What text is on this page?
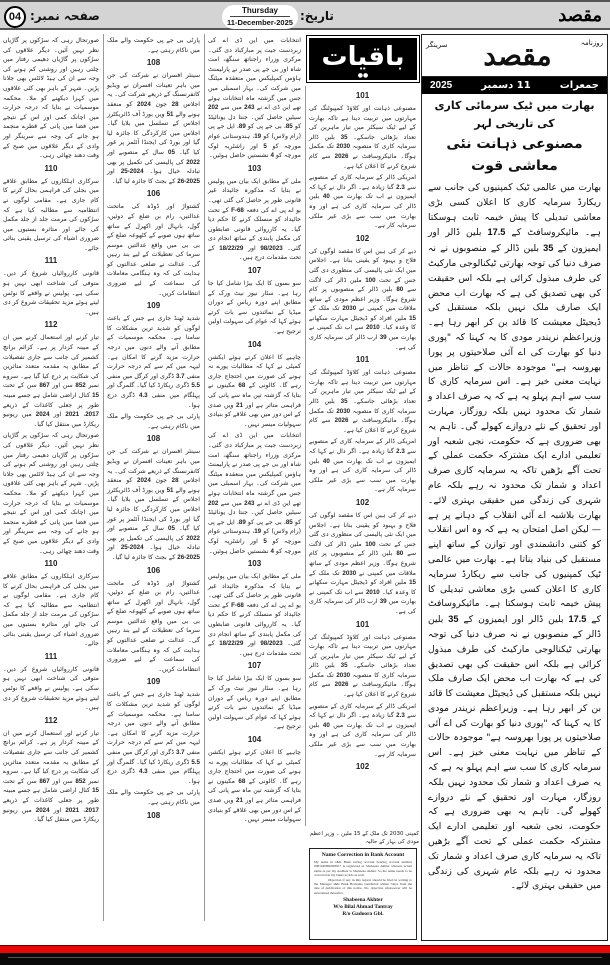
مقصد
تاریخ:
Thursday
11-December-2025
صفحہ نمبر:
04

صورتحال رہی کہ سڑکوں پر گاڑیاں نظر نہیں آئیں۔ دیگر علاقوں کی سڑکوں پر گاڑیاں دھیمی رفتار میں چلتی رہیں اور روشنی کم ہونے کی وجہ سے ان کی ہیڈ لائٹس بھی جلانا پڑیں۔ شہر کے باہر بھی کئی علاقوں میں کہرا دیکھنے کو ملا۔ محکمہ موسمیات نے بتایا کہ درجہ حرارت میں اچانک کمی اور اس کے نتیجے میں فضا میں پانی کے قطرے منجمد ہو جانے کی وجہ سے سرینگر اور وادی کے دیگر علاقوں میں صبح کے وقت دھند چھائی رہی۔

110

سرکاری اہلکاروں کے مطابق علاقے میں بجلی کی فراہمی بحال کرنے کا کام جاری ہے۔ مقامی لوگوں نے انتظامیہ سے مطالبہ کیا ہے کہ سڑکوں کی مرمت جلد از جلد مکمل کی جائے اور متاثرہ بستیوں میں ضروری اشیاء کی ترسیل یقینی بنائی جائے۔

111

قانونی کارروائیاں شروع کر دیں۔ متوفی کی شناخت ابھی نہیں ہو سکی ہے۔ پولیس نے واقعے کا نوٹس لیتے ہوئے مزید تحقیقات شروع کر دی ہیں۔

112

تیار کرنے اور استعمال کرنے میں ان کے مبینہ کردار پر ہے۔ کرائم برانچ کشمیر کی جانب سے جاری تفصیلات کے مطابق یہ مقدمہ متعدد متاثرین کی شکایت پر درج کیا گیا ہے۔ سروے نمبر 852 سن اور 867 سن کے تحت 15 کنال اراضی شامل ہے جسے مبینہ طور پر جعلی کاغذات کے ذریعے 2017، 2021 اور 2024 میں ریونیو ریکارڈ میں منتقل کیا گیا۔

صورتحال رہی کہ سڑکوں پر گاڑیاں نظر نہیں آئیں۔ دیگر علاقوں کی سڑکوں پر گاڑیاں دھیمی رفتار میں چلتی رہیں اور روشنی کم ہونے کی وجہ سے ان کی ہیڈ لائٹس بھی جلانا پڑیں۔ شہر کے باہر بھی کئی علاقوں میں کہرا دیکھنے کو ملا۔ محکمہ موسمیات نے بتایا کہ درجہ حرارت میں اچانک کمی اور اس کے نتیجے میں فضا میں پانی کے قطرے منجمد ہو جانے کی وجہ سے سرینگر اور وادی کے دیگر علاقوں میں صبح کے وقت دھند چھائی رہی۔

110

سرکاری اہلکاروں کے مطابق علاقے میں بجلی کی فراہمی بحال کرنے کا کام جاری ہے۔ مقامی لوگوں نے انتظامیہ سے مطالبہ کیا ہے کہ سڑکوں کی مرمت جلد از جلد مکمل کی جائے اور متاثرہ بستیوں میں ضروری اشیاء کی ترسیل یقینی بنائی جائے۔

111

قانونی کارروائیاں شروع کر دیں۔ متوفی کی شناخت ابھی نہیں ہو سکی ہے۔ پولیس نے واقعے کا نوٹس لیتے ہوئے مزید تحقیقات شروع کر دی ہیں۔

112

تیار کرنے اور استعمال کرنے میں ان کے مبینہ کردار پر ہے۔ کرائم برانچ کشمیر کی جانب سے جاری تفصیلات کے مطابق یہ مقدمہ متعدد متاثرین کی شکایت پر درج کیا گیا ہے۔ سروے نمبر 852 سن اور 867 سن کے تحت 15 کنال اراضی شامل ہے جسے مبینہ طور پر جعلی کاغذات کے ذریعے 2017، 2021 اور 2024 میں ریونیو ریکارڈ میں منتقل کیا گیا۔

پارٹی بی جے پی حکومت والے ملک میں ناکام رہتی ہے۔

108

سینئر افسران نے شرکت کی جن میں باہر تعینات افسران نے ویڈیو کانفرنسنگ کے ذریعے شرکت کی۔ یہ اجلاس 28 جون 2024 کو منعقد ہونے والے 51 ویں بورڈ آف ڈائریکٹرز اجلاس کے تسلسل میں بلایا گیا۔ اجلاس میں کارکردگی کا جائزہ لیا گیا اور بورڈ کی ایجنڈا آئٹمز پر غور کیا گیا۔ 05 سال کے منصوبے اور 2022 کی پالیسی کی تکمیل پر بھی تبادلہ خیال ہوا۔ 2024-25 اور 2025-26 کے بجٹ کا جائزہ لیا گیا۔

106

کشتواڑ اور ڈوڈہ کی ماتحت عدالتیں، رام بن ضلع کے دوئیں، گول، بانہال اور اکھرل کے ساتھ ساتھ ہوں صوبے کے کٹھوعہ ضلع کے بی بی میں واقع عدالتیں موسم سرما کی تعطیلات کے لیے بند رہیں گی۔ عدالت نے ضلعی عدالتوں کو ہدایت کی کہ وہ ہنگامی معاملات کی سماعت کے لیے ضروری انتظامات کریں۔

109

شدید ٹھنڈ جاری ہے جس کے باعث لوگوں کو شدید ترین مشکلات کا سامنا ہے۔ محکمہ موسمیات کے مطابق آنے والے دنوں میں درجہ حرارت مزید گرنے کا امکان ہے۔ لیہہ میں کم سے کم درجہ حرارت منفی 3.7 ڈگری اور کرگل میں منفی 5.5 ڈگری ریکارڈ کیا گیا۔ گلمرگ اور پہلگام میں منفی 4.3 ڈگری درج ہوا۔

پارٹی بی جے پی حکومت والے ملک میں ناکام رہتی ہے۔

108

سینئر افسران نے شرکت کی جن میں باہر تعینات افسران نے ویڈیو کانفرنسنگ کے ذریعے شرکت کی۔ یہ اجلاس 28 جون 2024 کو منعقد ہونے والے 51 ویں بورڈ آف ڈائریکٹرز اجلاس کے تسلسل میں بلایا گیا۔ اجلاس میں کارکردگی کا جائزہ لیا گیا اور بورڈ کی ایجنڈا آئٹمز پر غور کیا گیا۔ 05 سال کے منصوبے اور 2022 کی پالیسی کی تکمیل پر بھی تبادلہ خیال ہوا۔ 2024-25 اور 2025-26 کے بجٹ کا جائزہ لیا گیا۔

106

کشتواڑ اور ڈوڈہ کی ماتحت عدالتیں، رام بن ضلع کے دوئیں، گول، بانہال اور اکھرل کے ساتھ ساتھ ہوں صوبے کے کٹھوعہ ضلع کے بی بی میں واقع عدالتیں موسم سرما کی تعطیلات کے لیے بند رہیں گی۔ عدالت نے ضلعی عدالتوں کو ہدایت کی کہ وہ ہنگامی معاملات کی سماعت کے لیے ضروری انتظامات کریں۔

109

شدید ٹھنڈ جاری ہے جس کے باعث لوگوں کو شدید ترین مشکلات کا سامنا ہے۔ محکمہ موسمیات کے مطابق آنے والے دنوں میں درجہ حرارت مزید گرنے کا امکان ہے۔ لیہہ میں کم سے کم درجہ حرارت منفی 3.7 ڈگری اور کرگل میں منفی 5.5 ڈگری ریکارڈ کیا گیا۔ گلمرگ اور پہلگام میں منفی 4.3 ڈگری درج ہوا۔

پارٹی بی جے پی حکومت والے ملک میں ناکام رہتی ہے۔

108

انتخابات میں این ڈی اے کی زبردست جیت پر مبارکباد دی گئی۔ مرکزی وزراء راجناتھ سنگھ، امت شاہ اور بی جے پی صدر نے پارلیمنٹ ہاؤس کمپلیکس میں منعقدہ میٹنگ میں شرکت کی۔ بہار اسمبلی میں جس میں گزشتہ ماہ انتخابات ہوئے تھے این ڈی اے نے 243 میں سے 202 سیٹیں حاصل کیں۔ جنتا دل یونائیٹڈ کو 85، بی جے پی کو 89، ایل جے پی (رام ولاس) کو 19، ہندوستانی عوام مورچہ کو 5 اور راشٹریہ لوک مورچہ کو 4 نشستیں حاصل ہوئیں۔

103

ملی کے مطابق ایک بیان میں پولیس نے بتایا کہ مذکورہ جائیداد غیر قانونی طور پر حاصل کی گئی تھی۔ یو اے پی اے کی دفعہ 68-F کے تحت جائیداد کو منسلک کرنے کا حکم دیا گیا۔ یہ کارروائی قانونی ضابطوں کی مکمل پابندی کے ساتھ انجام دی گئی۔ 98/2023 اور 18/22/29 کے تحت مقدمات درج ہیں۔

107

سو بسوں کا ایک بیڑا شامل کیا جا رہا ہے۔ سٹار نیوز نیٹ ورک کے مطابق اپنے دورہ ریاس کے دوران میڈیا کے نمائندوں سے بات کرتے ہوئے کہا کہ عوام کی سہولت اولین ترجیح ہے۔

104

چاہیے کا اعلان کرتے ہوئے ایکشن کمیٹی نے کہا کہ مطالبات پورے نہ ہونے کی صورت میں احتجاج جاری رہے گا۔ کالونی کے 68 مکینوں نے بتایا کہ گزشتہ تین ماہ سے پانی کی فراہمی متاثر ہے اور 21 ویں صدی کے اس دور میں بھی علاقے کو بنیادی سہولیات میسر نہیں۔

انتخابات میں این ڈی اے کی زبردست جیت پر مبارکباد دی گئی۔ مرکزی وزراء راجناتھ سنگھ، امت شاہ اور بی جے پی صدر نے پارلیمنٹ ہاؤس کمپلیکس میں منعقدہ میٹنگ میں شرکت کی۔ بہار اسمبلی میں جس میں گزشتہ ماہ انتخابات ہوئے تھے این ڈی اے نے 243 میں سے 202 سیٹیں حاصل کیں۔ جنتا دل یونائیٹڈ کو 85، بی جے پی کو 89، ایل جے پی (رام ولاس) کو 19، ہندوستانی عوام مورچہ کو 5 اور راشٹریہ لوک مورچہ کو 4 نشستیں حاصل ہوئیں۔

103

ملی کے مطابق ایک بیان میں پولیس نے بتایا کہ مذکورہ جائیداد غیر قانونی طور پر حاصل کی گئی تھی۔ یو اے پی اے کی دفعہ 68-F کے تحت جائیداد کو منسلک کرنے کا حکم دیا گیا۔ یہ کارروائی قانونی ضابطوں کی مکمل پابندی کے ساتھ انجام دی گئی۔ 98/2023 اور 18/22/29 کے تحت مقدمات درج ہیں۔

107

سو بسوں کا ایک بیڑا شامل کیا جا رہا ہے۔ سٹار نیوز نیٹ ورک کے مطابق اپنے دورہ ریاس کے دوران میڈیا کے نمائندوں سے بات کرتے ہوئے کہا کہ عوام کی سہولت اولین ترجیح ہے۔

104

چاہیے کا اعلان کرتے ہوئے ایکشن کمیٹی نے کہا کہ مطالبات پورے نہ ہونے کی صورت میں احتجاج جاری رہے گا۔ کالونی کے 68 مکینوں نے بتایا کہ گزشتہ تین ماہ سے پانی کی فراہمی متاثر ہے اور 21 ویں صدی کے اس دور میں بھی علاقے کو بنیادی سہولیات میسر نہیں۔

باقیات
●●
101

مصنوعی ذہانت اور کلاؤڈ کمپیوٹنگ کی مہارتوں میں تربیت دینا ہے تاکہ بھارت کے لیے ٹیک سیکٹر میں تیار ماہرین کی تعداد بڑھائی جاسکے۔ 35 بلین ڈالر سرمایہ کاری کا منصوبہ 2030 تک مکمل ہوگا۔ مائیکروسافٹ نے 2026 سے کام شروع کرنے کا اعلان کیا ہے۔

امریکی ڈالر کے سرمایہ کاری کے منصوبے سے 2.3 گنا زیادہ ہے۔ اگر دال نے کہا کہ ایمیزون نے اب تک بھارت میں 40 بلین ڈالر کی سرمایہ کاری کی ہے اور وہ بھارت میں سب سے بڑی غیر ملکی سرمایہ کار ہے۔

102

دیے کر کی ہیں اس کا مقصد لوگوں کی فلاح و بہبود کو یقینی بنانا ہے۔ اجلاس میں ایک نئی پالیسی کی منظوری دی گئی جس کے تحت 100 ملین ڈالر کی لاگت سے 80 بلین ڈالر کے منصوبوں پر کام شروع ہوگا۔ وزیر اعظم مودی کے ساتھ ملاقات میں کمپنی نے 2030 تک ملک کے 15 ملین افراد کو ڈیجیٹل مہارت سکھانے کا وعدہ کیا۔ 2010 سے اب تک کمپنی نے بھارت میں 39 ارب ڈالر کی سرمایہ کاری کی ہے۔

101

مصنوعی ذہانت اور کلاؤڈ کمپیوٹنگ کی مہارتوں میں تربیت دینا ہے تاکہ بھارت کے لیے ٹیک سیکٹر میں تیار ماہرین کی تعداد بڑھائی جاسکے۔ 35 بلین ڈالر سرمایہ کاری کا منصوبہ 2030 تک مکمل ہوگا۔ مائیکروسافٹ نے 2026 سے کام شروع کرنے کا اعلان کیا ہے۔

امریکی ڈالر کے سرمایہ کاری کے منصوبے سے 2.3 گنا زیادہ ہے۔ اگر دال نے کہا کہ ایمیزون نے اب تک بھارت میں 40 بلین ڈالر کی سرمایہ کاری کی ہے اور وہ بھارت میں سب سے بڑی غیر ملکی سرمایہ کار ہے۔

102

دیے کر کی ہیں اس کا مقصد لوگوں کی فلاح و بہبود کو یقینی بنانا ہے۔ اجلاس میں ایک نئی پالیسی کی منظوری دی گئی جس کے تحت 100 ملین ڈالر کی لاگت سے 80 بلین ڈالر کے منصوبوں پر کام شروع ہوگا۔ وزیر اعظم مودی کے ساتھ ملاقات میں کمپنی نے 2030 تک ملک کے 15 ملین افراد کو ڈیجیٹل مہارت سکھانے کا وعدہ کیا۔ 2010 سے اب تک کمپنی نے بھارت میں 39 ارب ڈالر کی سرمایہ کاری کی ہے۔

101

مصنوعی ذہانت اور کلاؤڈ کمپیوٹنگ کی مہارتوں میں تربیت دینا ہے تاکہ بھارت کے لیے ٹیک سیکٹر میں تیار ماہرین کی تعداد بڑھائی جاسکے۔ 35 بلین ڈالر سرمایہ کاری کا منصوبہ 2030 تک مکمل ہوگا۔ مائیکروسافٹ نے 2026 سے کام شروع کرنے کا اعلان کیا ہے۔

امریکی ڈالر کے سرمایہ کاری کے منصوبے سے 2.3 گنا زیادہ ہے۔ اگر دال نے کہا کہ ایمیزون نے اب تک بھارت میں 40 بلین ڈالر کی سرمایہ کاری کی ہے اور وہ بھارت میں سب سے بڑی غیر ملکی سرمایہ کار ہے۔

102
کمپنی 2030 تک ملک کے 15 ملین ۔ وزیر اعظم مودی کی بہار کے حالیہ
Name Correction in Bank Account
My name in J&K Bank saving account bearing account number 0081040800028917 is registered as Shabeena Akhter whereas actual name as per my Aadhaar is Shabeena Akhter. So the name needs to be corrected in my bank records as well.
Objection if any in this regard, should be filed in writing to the Manager J&K Bank Bochama Ganderbal within 7days from the date of publication of this notice. No, objection whatsoever will be entertained thereafter.
Shabeena Akhter
W/o Bilal Ahmad Tantray
R/o Gadoora Gbl.
روزنامہ
مقصد
سرینگر
جمعرات
11 دسمبر
2025
بھارت میں ٹیک سرمائی کاری کی تاریخی لہر
مصنوعی ذہانت نئی معاشی قوت
بھارت میں عالمی ٹیک کمپنیوں کی جانب سے ریکارڈ سرمایہ کاری کا اعلان کسی بڑی معاشی تبدیلی کا پیش خیمہ ثابت ہوسکتا ہے۔ مائیکروسافٹ کے 17.5 بلین ڈالر اور ایمیزون کے 35 بلین ڈالر کے منصوبوں نے نہ صرف دنیا کی توجہ بھارتی ٹیکنالوجی مارکیٹ کی طرف مبذول کرائی ہے بلکہ اس حقیقت کی بھی تصدیق کی ہے کہ بھارت اب محض ایک صارف ملک نہیں بلکہ مستقبل کی ڈیجیٹل معیشت کا قائد بن کر ابھر رہا ہے۔ وزیراعظم نریندر مودی کا یہ کہنا کہ "پوری دنیا کو بھارت کی اے آئی صلاحیتوں پر پورا بھروسہ ہے" موجودہ حالات کے تناظر میں نہایت معنی خیز ہے۔ اس سرمایہ کاری کا سب سے اہم پہلو یہ ہے کہ یہ صرف اعداد و شمار تک محدود نہیں بلکہ روزگار، مہارت اور تحقیق کے نئے دروازے کھولے گی۔ تاہم یہ بھی ضروری ہے کہ حکومت، نجی شعبہ اور تعلیمی ادارے ایک مشترکہ حکمت عملی کے تحت آگے بڑھیں تاکہ یہ سرمایہ کاری صرف اعداد و شمار تک محدود نہ رہے بلکہ عام شہری کی زندگی میں حقیقی بہتری لائے۔ بھارت بلاشبہ اے آئی انقلاب کے دہانے پر ہے — لیکن اصل امتحان یہ ہے کہ وہ اس انقلاب کو کتنی دانشمندی اور توازن کے ساتھ اپنے مستقبل کی بنیاد بناتا ہے۔ بھارت میں عالمی ٹیک کمپنیوں کی جانب سے ریکارڈ سرمایہ کاری کا اعلان کسی بڑی معاشی تبدیلی کا پیش خیمہ ثابت ہوسکتا ہے۔ مائیکروسافٹ کے 17.5 بلین ڈالر اور ایمیزون کے 35 بلین ڈالر کے منصوبوں نے نہ صرف دنیا کی توجہ بھارتی ٹیکنالوجی مارکیٹ کی طرف مبذول کرائی ہے بلکہ اس حقیقت کی بھی تصدیق کی ہے کہ بھارت اب محض ایک صارف ملک نہیں بلکہ مستقبل کی ڈیجیٹل معیشت کا قائد بن کر ابھر رہا ہے۔ وزیراعظم نریندر مودی کا یہ کہنا کہ "پوری دنیا کو بھارت کی اے آئی صلاحیتوں پر پورا بھروسہ ہے" موجودہ حالات کے تناظر میں نہایت معنی خیز ہے۔ اس سرمایہ کاری کا سب سے اہم پہلو یہ ہے کہ یہ صرف اعداد و شمار تک محدود نہیں بلکہ روزگار، مہارت اور تحقیق کے نئے دروازے کھولے گی۔ تاہم یہ بھی ضروری ہے کہ حکومت، نجی شعبہ اور تعلیمی ادارے ایک مشترکہ حکمت عملی کے تحت آگے بڑھیں تاکہ یہ سرمایہ کاری صرف اعداد و شمار تک محدود نہ رہے بلکہ عام شہری کی زندگی میں حقیقی بہتری لائے۔
